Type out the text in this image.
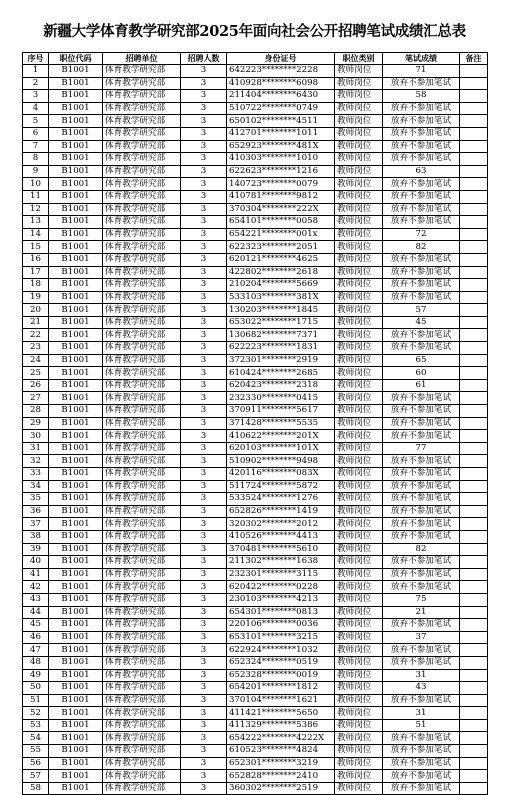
新疆大学体育教学研究部2025年面向社会公开招聘笔试成绩汇总表
序号	职位代码	招聘单位	招聘人数	身份证号	职位类别	笔试成绩	备注
1	B1001	体育教学研究部	3	642223********2228	教师岗位	71	
2	B1001	体育教学研究部	3	410928********6098	教师岗位	放弃不参加笔试	
3	B1001	体育教学研究部	3	211404********6430	教师岗位	58	
4	B1001	体育教学研究部	3	510722********0749	教师岗位	放弃不参加笔试	
5	B1001	体育教学研究部	3	650102********4511	教师岗位	放弃不参加笔试	
6	B1001	体育教学研究部	3	412701********1011	教师岗位	放弃不参加笔试	
7	B1001	体育教学研究部	3	652923********481X	教师岗位	放弃不参加笔试	
8	B1001	体育教学研究部	3	410303********1010	教师岗位	放弃不参加笔试	
9	B1001	体育教学研究部	3	622623********1216	教师岗位	63	
10	B1001	体育教学研究部	3	140723********0079	教师岗位	放弃不参加笔试	
11	B1001	体育教学研究部	3	410781********9812	教师岗位	放弃不参加笔试	
12	B1001	体育教学研究部	3	370304********222X	教师岗位	放弃不参加笔试	
13	B1001	体育教学研究部	3	654101********0058	教师岗位	放弃不参加笔试	
14	B1001	体育教学研究部	3	654221********001x	教师岗位	72	
15	B1001	体育教学研究部	3	622323********2051	教师岗位	82	
16	B1001	体育教学研究部	3	620121********4625	教师岗位	放弃不参加笔试	
17	B1001	体育教学研究部	3	422802********2618	教师岗位	放弃不参加笔试	
18	B1001	体育教学研究部	3	210204********5669	教师岗位	放弃不参加笔试	
19	B1001	体育教学研究部	3	533103********381X	教师岗位	放弃不参加笔试	
20	B1001	体育教学研究部	3	130203********1845	教师岗位	57	
21	B1001	体育教学研究部	3	653022********1715	教师岗位	45	
22	B1001	体育教学研究部	3	130682********7371	教师岗位	放弃不参加笔试	
23	B1001	体育教学研究部	3	622223********1831	教师岗位	放弃不参加笔试	
24	B1001	体育教学研究部	3	372301********2919	教师岗位	65	
25	B1001	体育教学研究部	3	610424********2685	教师岗位	60	
26	B1001	体育教学研究部	3	620423********2318	教师岗位	61	
27	B1001	体育教学研究部	3	232330********0415	教师岗位	放弃不参加笔试	
28	B1001	体育教学研究部	3	370911********5617	教师岗位	放弃不参加笔试	
29	B1001	体育教学研究部	3	371428********5535	教师岗位	放弃不参加笔试	
30	B1001	体育教学研究部	3	410622********201X	教师岗位	放弃不参加笔试	
31	B1001	体育教学研究部	3	620103********101X	教师岗位	77	
32	B1001	体育教学研究部	3	510902********9498	教师岗位	放弃不参加笔试	
33	B1001	体育教学研究部	3	420116********083X	教师岗位	放弃不参加笔试	
34	B1001	体育教学研究部	3	511724********5872	教师岗位	放弃不参加笔试	
35	B1001	体育教学研究部	3	533524********1276	教师岗位	放弃不参加笔试	
36	B1001	体育教学研究部	3	652826********1419	教师岗位	放弃不参加笔试	
37	B1001	体育教学研究部	3	320302********2012	教师岗位	放弃不参加笔试	
38	B1001	体育教学研究部	3	410526********4413	教师岗位	放弃不参加笔试	
39	B1001	体育教学研究部	3	370481********5610	教师岗位	82	
40	B1001	体育教学研究部	3	211302********1638	教师岗位	放弃不参加笔试	
41	B1001	体育教学研究部	3	232301********3115	教师岗位	放弃不参加笔试	
42	B1001	体育教学研究部	3	620422********0228	教师岗位	放弃不参加笔试	
43	B1001	体育教学研究部	3	230103********4213	教师岗位	75	
44	B1001	体育教学研究部	3	654301********0813	教师岗位	21	
45	B1001	体育教学研究部	3	220106********0036	教师岗位	放弃不参加笔试	
46	B1001	体育教学研究部	3	653101********3215	教师岗位	37	
47	B1001	体育教学研究部	3	622924********1032	教师岗位	放弃不参加笔试	
48	B1001	体育教学研究部	3	652324********0519	教师岗位	放弃不参加笔试	
49	B1001	体育教学研究部	3	652328********0019	教师岗位	31	
50	B1001	体育教学研究部	3	654201********1812	教师岗位	43	
51	B1001	体育教学研究部	3	370104********1621	教师岗位	放弃不参加笔试	
52	B1001	体育教学研究部	3	411421********5650	教师岗位	31	
53	B1001	体育教学研究部	3	411329********5386	教师岗位	51	
54	B1001	体育教学研究部	3	654222********4222X	教师岗位	放弃不参加笔试	
55	B1001	体育教学研究部	3	610523********4824	教师岗位	放弃不参加笔试	
56	B1001	体育教学研究部	3	652301********3219	教师岗位	放弃不参加笔试	
57	B1001	体育教学研究部	3	652828********2410	教师岗位	放弃不参加笔试	
58	B1001	体育教学研究部	3	360302********2519	教师岗位	放弃不参加笔试	
